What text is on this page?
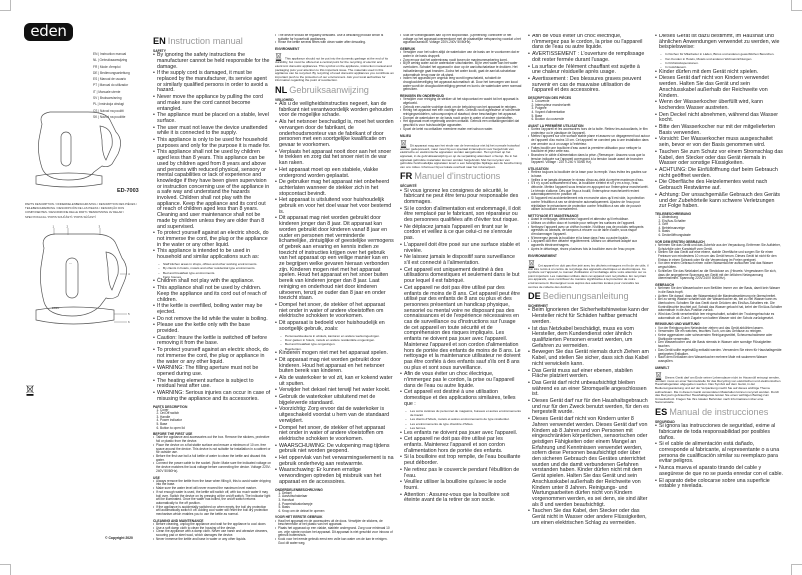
eden
EN | Instruction manual
NL | Gebruiksaanwijzing
FR | Mode d'emploi
DE | Bedienungsanleitung
ES | Manual de usuario
PT | Manual do utilizador
IT | Manuale utente
SV | Bruksanvisning
PL | Instrukcja obsługi
CS | Návod na použití
SK | Návod na použitie
ED-7003
PARTS DESCRIPTION / ONDERDELENBESCHRIJVING / DESCRIPTION DES PIÈCES / TEILEBESCHREIBUNG / DESCRIPCIÓN DE LAS PIEZAS / DESCRIÇÃO DOS COMPONENTES / DESCRIZIONE DELLE PARTI / BESKRIVNING AV DELAR / SPECYFIKACJA / POPIS SOUČÁSTÍ / POPIS SÚČASTÍ
—
EDEN
1	2	3
4
5
6
© Copyright 2020
EN Instruction manual
SAFETY
• By ignoring the safety instructions the manufacturer cannot be held responsible for the damage.
• If the supply cord is damaged, it must be replaced by the manufacturer, its service agent or similarly qualified persons in order to avoid a hazard.
• Never move the appliance by pulling the cord and make sure the cord cannot become entangled.
• The appliance must be placed on a stable, level surface.
• The user must not leave the device unattended while it is connected to the supply.
• This appliance is only to be used for household purposes and only for the purpose it is made for.
• This appliance shall not be used by children aged less than 8 years. This appliance can be used by children aged from 8 years and above and persons with reduced physical, sensory or mental capabilities or lack of experience and knowledge if they have been given supervision or instruction concerning use of the appliance in a safe way and understand the hazards involved. Children shall not play with the appliance. Keep the appliance and its cord out of reach of children aged less than 8 years. Cleaning and user maintenance shall not be made by children unless they are older than 8 and supervised.
• To protect yourself against an electric shock, do not immerse the cord, the plug or the appliance in the water or any other liquid.
• This appliance is intended to be used in household and similar applications such as:
– Staff kitchen areas in shops, offices and other working environments.
– By clients in hotels, motels and other residential type environments.
– Bed and breakfast type environments.
– Farm houses.
• Children shall not play with the appliance.
• This appliance shall not be used by children. Keep the appliance and its cord out of reach of children.
• If the kettle is overfilled, boiling water may be ejected.
• Do not remove the lid while the water is boiling.
• Please use the kettle only with the base provided.
• Caution: Insure the kettle is switched off before removing it from the base.
• To protect yourself against an electric shock, do not immerse the cord, the plug or appliance in the water or any other liquid.
• WARNING: The filling aperture must not be opened during use.
• The heating element surface is subject to residual heat after use.
• WARNING: Serious injuries can occur in case of misusing the appliance and its accessories.
PARTS DESCRIPTION
1. Cover
2. On/Off switch
3. Handle
4. Power indicator
5. Base
6. Button to open lid
BEFORE THE FIRST USE
• Take the appliance and accessories out the box. Remove the stickers, protective foil or plastic from the device.
• Place the device on a flat stable surface and ensure a minimum of 10 cm. free space around the device. This device is not suitable for installation in a cabinet or for outside use.
• Before the first use boil a full kettle of water to clean the kettle and discard this water.
• Connect the power cable to the socket. (Note: Make sure the indicated voltage on the device matches the local voltage before connecting the device. Voltage 220V-240V 50/60Hz).
USE
• Always remove the kettle from the base when filling it, this to avoid water dripping into the base.
• Make sure the water level will never exceed the maximum level marker.
• If not enough water is used, the kettle will switch off, with too much water it may boil over. Switch the device on by pressing at the on/off switch. The indicator light will be illuminated. Once the water has boiled, the on/off switch returns automatically to the off position.
• If the appliance is accidentally switched on when empty, the boil dry protection will automatically switch it off. Adding cool water will reset the boil dry protection mechanism which enables you to use the kettle as normal.
CLEANING AND MAINTENANCE
• Before cleaning, unplug the appliance and wait for the appliance to cool down.
• Use a soft damp cloth to clean the housing of the device.
• Clean the appliance with a damp cloth. Never use harsh and abrasive cleaners, scouring pad or steel wool, which damages the device.
• Never immerse the kettle and base in water or any other liquids.
• The device should be regularly descaled. Use a descaling product which is suitable for household appliances.
• Rinse the kettle several times with clean water after descaling.
ENVIRONMENT
This appliance should not be put into the domestic garbage at the end of its durability, but must be offered at a central point for the recycling of electric and electronic domestic appliances. This symbol on the appliance, instruction manual and packaging puts your attention to this important issue. The materials used in this appliance can be recycled. By recycling of used domestic appliances you contribute an important push to the protection of our environment. Ask your local authorities for information regarding the point of recollection.
NL Gebruiksaanwijzing
VEILIGHEID
• Als u de veiligheidsinstructies negeert, kan de fabrikant niet verantwoordelijk worden gehouden voor de mogelijke schade.
• Als het netsnoer beschadigd is, moet het worden vervangen door de fabrikant, de onderhoudsmonteur van de fabrikant of door personen met een soortgelijke kwalificatie om gevaar te voorkomen.
• Verplaats het apparaat nooit door aan het snoer te trekken en zorg dat het snoer niet in de war kan raken.
• Het apparaat moet op een stabiele, vlakke ondergrond worden geplaatst.
• De gebruiker mag het apparaat niet onbeheerd achterlaten wanneer de stekker zich in het stopcontact bevindt.
• Het apparaat is uitsluitend voor huishoudelijk gebruik en voor het doel waar het voor bestemd is.
• Dit apparaat mag niet worden gebruikt door kinderen jonger dan 8 jaar. Dit apparaat kan worden gebruikt door kinderen vanaf 8 jaar en ouder en personen met verminderde lichamelijke, zintuiglijke of geestelijke vermogens of gebrek aan ervaring en kennis indien ze toezicht of instructies krijgen over het gebruik van het apparaat op een veilige manier kan en ze begrijpen welke gevaren hieraan verbonden zijn. Kinderen mogen niet met het apparaat spelen. Houd het apparaat en het snoer buiten bereik van kinderen jonger dan 8 jaar. Laat reiniging en onderhoud niet door kinderen uitvoeren, tenzij ze ouder dan 8 jaar en onder toezicht staan.
• Dompel het snoer, de stekker of het apparaat niet onder in water of andere vloeistoffen om elektrische schokken te voorkomen.
• Dit apparaat is bedoeld voor huishoudelijk en soortgelijk gebruik, zoals:
– Personeelskeukens in winkels, kantoren en andere werkomgevingen.
– Door gasten in hotels, motels en andere residentiële omgevingen.
– Bed and breakfast type omgevingen.
– Boerderijen.
• Kinderen mogen niet met het apparaat spelen.
• Dit apparaat mag niet worden gebruikt door kinderen. Houd het apparaat en het netsnoer buiten bereik van kinderen.
• Als de waterkoker te vol zit, kan er kokend water uit spuiten.
• Verwijder het deksel niet terwijl het water kookt.
• Gebruik de waterkoker uitsluitend met de bijgeleverde standaard.
• Voorzichtig: Zorg ervoor dat de waterkoker is uitgeschakeld voordat u hem van de standaard verwijdert.
• Dompel het snoer, de stekker of het apparaat niet onder in water of andere vloeistoffen om elektrische schokken te voorkomen.
• WAARSCHUWING: De vulopening mag tijdens gebruik niet worden geopend.
• Het oppervlak van het verwarmingselement is na gebruik onderhevig aan restwarmte.
• Waarschuwing: Er kunnen ernstige verwondingen optreden bij misbruik van het apparaat en de accessoires.
ONDERDELENBESCHRIJVING
1. Deksel
2. Aan/uitschakelaar
3. Handvat
4. Powerindicatorlampje
5. Basis
6. Knop om de deksel te openen
VOOR HET EERSTE GEBRUIK
• Haal het apparaat en de accessoires uit de doos. Verwijder de stickers, de beschermfolie of het plastic van het apparaat.
• Plaats het apparaat op een vlakke, stabiele ondergrond. Zorg voor minimaal 10 cm. vrije ruimte rondom het apparaat. Dit apparaat is niet geschikt voor inbouw of gebruik buitenshuis.
• Kook voor het eerste gebruik eerst een volle kan water om de kan te reinigen. Gooi dit water weg.
• Sluit de voedingskabel aan op het stopcontact. (Opmerking: controleer of het voltage op het apparaat overeenkomt met de plaatselijke netspanning voordat u het apparaat aansluit. Voltage 220V-240V 50/60Hz).
GEBRUIK
• Verwijder voor het vullen altijd de waterkoker van de basis om te voorkomen dat er water in de basis druppelt.
• Zorg ervoor dat het waterniveau nooit boven de maximummarkering komt.
• Bij te weinig water zal de waterkoker uitschakelen. Bij te veel water kan het water overkoken. Schakel het apparaat in door op de aan/uitschakelaar te drukken. Het indicatielampje gaat branden. Zodra het water kookt, gaat de aan/uit-schakelaar automatisch terug naar de uit-stand.
• Indien het apparaat per ongeluk leeg wordt ingeschakeld, schakelt de droogkookbeveiliging het apparaat automatisch uit. Door het toevoegen van koud water wordt de droogkookbeveiliging gereset en kunt u de waterkoker weer normaal gebruiken.
REINIGEN EN ONDERHOUD
• Verwijder voor reiniging de stekker uit het stopcontact en wacht tot het apparaat is afgekoeld.
• Gebruik een zachte vochtige doek om de behuizing van het apparaat te reinigen.
• Reinig het apparaat met een vochtige doek. Gebruik nooit agressieve of schurende reinigingsmiddelen, schuursponsjes of staalwol; deze beschadigen het apparaat.
• Dompel de waterkoker en de basis nooit onder in water of andere vloeistoffen.
• Het apparaat moet regelmatig worden ontkalkt. Gebruik een ontkalkingsmiddel dat geschikt is voor huishoudelijke apparaten.
• Spoel de ketel na ontkalken meerdere malen met schoon water.
MILIEU
Dit apparaat mag aan het einde van de levensduur niet bij het normale huisafval worden gedeponeerd, maar moet bij een speciaal inzamelpunt voor hergebruik van elektrische en elektronische apparaten worden aangeboden. Het symbool op het apparaat, in de gebruiksaanwijzing en op de verpakking attendeert u hierop. De in het apparaat gebruikte materialen kunnen worden hergebruikt. Met het recyclen van gebruikte huishoudelijke apparaten levert u een belangrijke bijdrage aan de bescherming van ons milieu. Informeer bij uw lokale overheid naar het inzamelpunt.
FR Manuel d'instructions
SÉCURITÉ
• Si vous ignorez les consignes de sécurité, le fabricant ne peut être tenu pour responsable des dommages.
• Si le cordon d'alimentation est endommagé, il doit être remplacé par le fabricant, son réparateur ou des personnes qualifiées afin d'éviter tout risque.
• Ne déplacez jamais l'appareil en tirant sur le cordon et veillez à ce que celui-ci ne s'enroule pas.
• L'appareil doit être posé sur une surface stable et nivelée.
• Ne laissez jamais le dispositif sans surveillance s'il est connecté à l'alimentation.
• Cet appareil est uniquement destiné à des utilisations domestiques et seulement dans le but pour lequel il est fabriqué.
• Cet appareil ne doit pas être utilisé par des enfants de moins de 8 ans. Cet appareil peut être utilisé par des enfants de 8 ans ou plus et des personnes présentant un handicap physique, sensoriel ou mental voire ne disposant pas des connaissances et de l'expérience nécessaires en cas de surveillance ou d'instructions sur l'usage de cet appareil en toute sécurité et de compréhension des risques impliqués. Les enfants ne doivent pas jouer avec l'appareil. Maintenez l'appareil et son cordon d'alimentation hors de portée des enfants de moins de 8 ans. Le nettoyage et la maintenance utilisateur ne doivent pas être confiés à des enfants sauf s'ils ont 8 ans ou plus et sont sous surveillance.
• Afin de vous éviter un choc électrique, n'immergez pas le cordon, la prise ou l'appareil dans de l'eau ou autre liquide.
• Cet appareil est destiné à une utilisation domestique et des applications similaires, telles que :
– Les coins cuisines du personnel de magasins, bureaux et autres environnements de travail.
– Les clients d'hôtels, motels et autres environnements de type résidentiel.
– Les environnements de type chambre d'hôtes.
– Les fermes.
• Les enfants ne doivent pas jouer avec l'appareil.
• Cet appareil ne doit pas être utilisé par les enfants. Maintenez l'appareil et son cordon d'alimentation hors de portée des enfants.
• Si la bouilloire est trop remplie, de l'eau bouillante peut déborder.
• Ne retirez pas le couvercle pendant l'ébullition de l'eau.
• Veuillez utiliser la bouilloire qu'avec le socle fourni.
• Attention : Assurez-vous que la bouilloire soit éteinte avant de la retirer de son socle.
• Afin de vous éviter un choc électrique, n'immergez pas le cordon, la prise ou l'appareil dans de l'eau ou autre liquide.
• AVERTISSEMENT : L'ouverture de remplissage doit rester fermée durant l'usage.
• La surface de l'élément chauffant est sujette à une chaleur résiduelle après usage.
• Avertissement : Des blessures graves peuvent survenir en cas de mauvaise utilisation de l'appareil et des accessoires.
DESCRIPTION DES PIÈCES
1. Couvercle
2. Interrupteur marche/arrêt
3. Poignée
4. Voyant d'alimentation
5. Base
6. Bouton du couvercle
AVANT LA PREMIÈRE UTILISATION
• Sortez l'appareil et les accessoires hors de la boîte. Retirez les autocollants, le film protecteur ou le plastique de l'appareil.
• Mettez l'appareil sur une surface stable plane et assurez un dégagement tout autour de l'appareil d'au moins 10 cm. Cet appareil ne convient pas à une installation dans une armoire ou à un usage à l'extérieur.
• Faites bouillir une bouilloire d'eau avant la première utilisation pour nettoyer la bouilloire et jetez cette eau.
• Branchez le câble d'alimentation dans la prise. (Remarque : Assurez-vous que la tension indiquée sur l'appareil correspond à la tension locale avant de brancher l'appareil. Voltage : 220 V-240 V 50/60 Hz).
UTILISATION
• Retirez toujours la bouilloire de la base pour la remplir. Vous évitez les gouttes sur la base.
• Veillez à ne jamais dépasser le niveau d'eau au-delà du repère maximum d'eau.
• S'il n'y a pas suffisamment d'eau, la bouilloire s'éteint et s'il y en a trop, l'eau déborde. Mettez l'appareil sous tension en appuyant sur l'interrupteur marche/arrêt. Le témoin s'allume. Dès que l'eau a bouilli, l'interrupteur marche/arrêt revient automatiquement en position off.
• Si l'appareil est accidentellement mis en marche alors qu'il est vide, la protection contre l'ébullition à sec se déclenche automatiquement. Ajoutez de l'eau pour réinitialiser le mécanisme de protection contre l'ébullition à sec afin de pouvoir utiliser la bouilloire normalement.
NETTOYAGE ET MAINTENANCE
• Avant le nettoyage, débranchez l'appareil et attendez qu'il refroidisse.
• Utilisez un chiffon doux et humide pour nettoyer les surfaces de l'appareil.
• Nettoyez l'appareil avec un chiffon humide. N'utilisez pas de produits nettoyants agressifs ou abrasifs, de tampons à récurer ou de laine d'acier, sous risque d'endommager l'appareil.
• N'immergez jamais la bouilloire et la base dans l'eau ou autre liquide.
• L'appareil doit être détartré régulièrement. Utilisez un détartrant adapté aux appareils électroménagers.
• Après le détartrage, rincez plusieurs fois la bouilloire avec de l'eau propre.
ENVIRONNEMENT
Cet appareil ne doit pas être jeté avec les déchets ménagers en fin de vie utile, il doit être remis à un centre de recyclage des appareils électriques et électroniques. Ce symbole sur l'appareil, le manuel d'utilisation et l'emballage attire votre attention sur ce point important. Les matériaux utilisés dans cet appareil sont recyclables. En recyclant vos appareils, vous contribuez de manière significative à la protection de notre environnement. Renseignez-vous auprès des autorités locales pour connaître les centres de collecte des déchets.
DE Bedienungsanleitung
SICHERHEIT
• Beim Ignorieren der Sicherheitshinweise kann der Hersteller nicht für Schäden haftbar gemacht werden.
• Ist das Netzkabel beschädigt, muss es vom Hersteller, dem Kundendienst oder ähnlich qualifizierten Personen ersetzt werden, um Gefahren zu vermeiden.
• Bewegen Sie das Gerät niemals durch Ziehen am Kabel, und stellen Sie sicher, dass sich das Kabel nicht verwickeln kann.
• Das Gerät muss auf einer ebenen, stabilen Fläche platziert werden.
• Das Gerät darf nicht unbeaufsichtigt bleiben während es an einer Stromquelle angeschlossen ist.
• Dieses Gerät darf nur für den Haushaltsgebrauch und nur für den Zweck benutzt werden, für den es hergestellt wurde.
• Dieses Gerät darf nicht von Kindern unter 8 Jahren verwendet werden. Dieses Gerät darf von Kindern ab 8 Jahren und von Personen mit eingeschränkten körperlichen, sensorischen oder geistigen Fähigkeiten oder einem Mangel an Erfahrung und Kenntnissen verwendet werden, sofern diese Personen beaufsichtigt oder über den sicheren Gebrauch des Gerätes unterrichtet wurden und die damit verbundenen Gefahren verstanden haben. Kinder dürfen nicht mit dem Gerät spielen. Halten Sie das Gerät und sein Anschlusskabel außerhalb der Reichweite von Kindern unter 8 Jahren. Reinigungs- und Wartungsarbeiten dürfen nicht von Kindern vorgenommen werden, es sei denn, sie sind älter als 8 und werden beaufsichtigt.
• Tauchen Sie das Kabel, den Stecker oder das Gerät nicht in Wasser oder andere Flüssigkeiten, um einen elektrischen Schlag zu vermeiden.
• Dieses Gerät ist dazu bestimmt, im Haushalt und ähnlichen Anwendungen verwendet zu werden, wie beispielsweise:
– In Küchen für Mitarbeiter in Läden, Büros und anderen gewerblichen Bereichen.
– Von Kunden in Hotels, Motels und anderen Wohneinrichtungen.
– In Frühstückspensionen.
– In Gutshäusern.
• Kinder dürfen mit dem Gerät nicht spielen.
• Dieses Gerät darf nicht von Kindern verwendet werden. Halten Sie das Gerät und sein Anschlusskabel außerhalb der Reichweite von Kindern.
• Wenn der Wasserkocher überfüllt wird, kann kochendes Wasser austreten.
• Den Deckel nicht abnehmen, während das Wasser kocht.
• Bitte den Wasserkocher nur mit der mitgelieferten Basis verwenden.
• Vorsicht: Der Wasserkocher muss ausgeschaltet sein, bevor er von der Basis genommen wird.
• Tauchen Sie zum Schutz vor einem Stromschlag das Kabel, den Stecker oder das Gerät niemals in Wasser oder sonstige Flüssigkeiten.
• ACHTUNG: Die Einfüllöffnung darf beim Gebrauch nicht geöffnet werden.
• Die Oberfläche des Heizelementes weist nach Gebrauch Restwärme auf.
• Achtung: Der unsachgemäße Gebrauch des Geräts und der Zubehörteile kann schwere Verletzungen zur Folge haben.
TEILEBESCHREIBUNG
1. Abdeckung
2. Ein/Aus-Schalter
3. Griff
4. Betriebsanzeige
5. Basis
6. Deckelöffnungstaste
VOR DEM ERSTEN GEBRAUCH
• Nehmen Sie das Gerät und das Zubehör aus der Verpackung. Entfernen Sie Aufkleber, Schutzfolie oder Kunststoff vom Gerät.
• Stellen Sie das Gerät auf eine ebene, stabile Oberfläche und sorgen Sie für einen Freiraum von mindestens 10 cm um das Gerät herum. Dieses Gerät ist nicht für den Einbau in einen Schrank oder für die Verwendung im Freien geeignet.
• Vor dem ersten Gebrauch einen vollen Wasserkocher aufkochen und das Wasser wegschütten.
• Schließen Sie das Netzkabel an die Steckdose an. (Hinweis: Vergewissern Sie sich, dass die angegebene Spannung am Gerät mit der örtlichen Netzspannung übereinstimmt. Spannung 220V-240V 50/60Hz).
GEBRAUCH
• Nehmen Sie den Wasserkocher zum Befüllen immer von der Basis, damit kein Wasser in die Basis tropft.
• Achten Sie darauf, dass der Wasserstand die Maximalmarkierung nie überschreitet.
• Bei zu wenig Wasser schaltet sich der Wasserkocher ab, bei zu viel Wasser kann es überkochen. Schalten Sie das Gerät durch Drücken des Ein/Aus-Schalters ein. Die Kontrollleuchte leuchtet auf. Sobald das Wasser gekocht hat, kehrt der Ein/Aus-Schalter automatisch in die Aus-Position zurück.
• Wird das Gerät versehentlich leer eingeschaltet, schaltet der Trockengehschutz es automatisch ab. Durch Zugabe von kaltem Wasser wird der Schutz zurückgesetzt.
REINIGUNG UND WARTUNG
• Vor der Reinigung den Netzstecker ziehen und das Gerät abkühlen lassen.
• Verwenden Sie ein weiches, feuchtes Tuch, um das Gehäuse zu reinigen.
• Keine aggressiven oder scheuernden Reinigungsmittel, Scheuerschwämme oder Stahlwolle verwenden.
• Den Wasserkocher und die Basis niemals in Wasser oder sonstige Flüssigkeiten tauchen.
• Das Gerät sollte regelmäßig entkalkt werden. Verwenden Sie einen für Haushaltsgeräte geeigneten Entkalker.
• Nach dem Entkalken den Wasserkocher mehrere Male mit sauberem Wasser ausspülen.
UMWELT
Dieses Gerät darf am Ende seiner Lebensdauer nicht im Hausmüll entsorgt werden, sondern muss an einer Sammelstelle für das Recycling von elektrischen und elektronischen Haushaltsgeräten abgegeben werden. Das Symbol auf dem Gerät, in der Bedienungsanleitung und auf der Verpackung macht Sie auf dieses wichtige Thema aufmerksam. Die in diesem Gerät verwendeten Materialien können recycelt werden. Durch das Recyceln gebrauchter Haushaltsgeräte leisten Sie einen wichtigen Beitrag zum Umweltschutz. Fragen Sie Ihre lokalen Behörden nach Informationen über eine Sammelstelle.
ES Manual de instrucciones
SEGURIDAD
• Si ignora las instrucciones de seguridad, exime al fabricante de toda responsabilidad por posibles daños.
• Si el cable de alimentación está dañado, corresponde al fabricante, al representante o a una persona de cualificación similar su reemplazo para evitar peligros.
• Nunca mueva el aparato tirando del cable y asegúrese de que no se pueda enredar con el cable.
• El aparato debe colocarse sobre una superficie estable y nivelada.
